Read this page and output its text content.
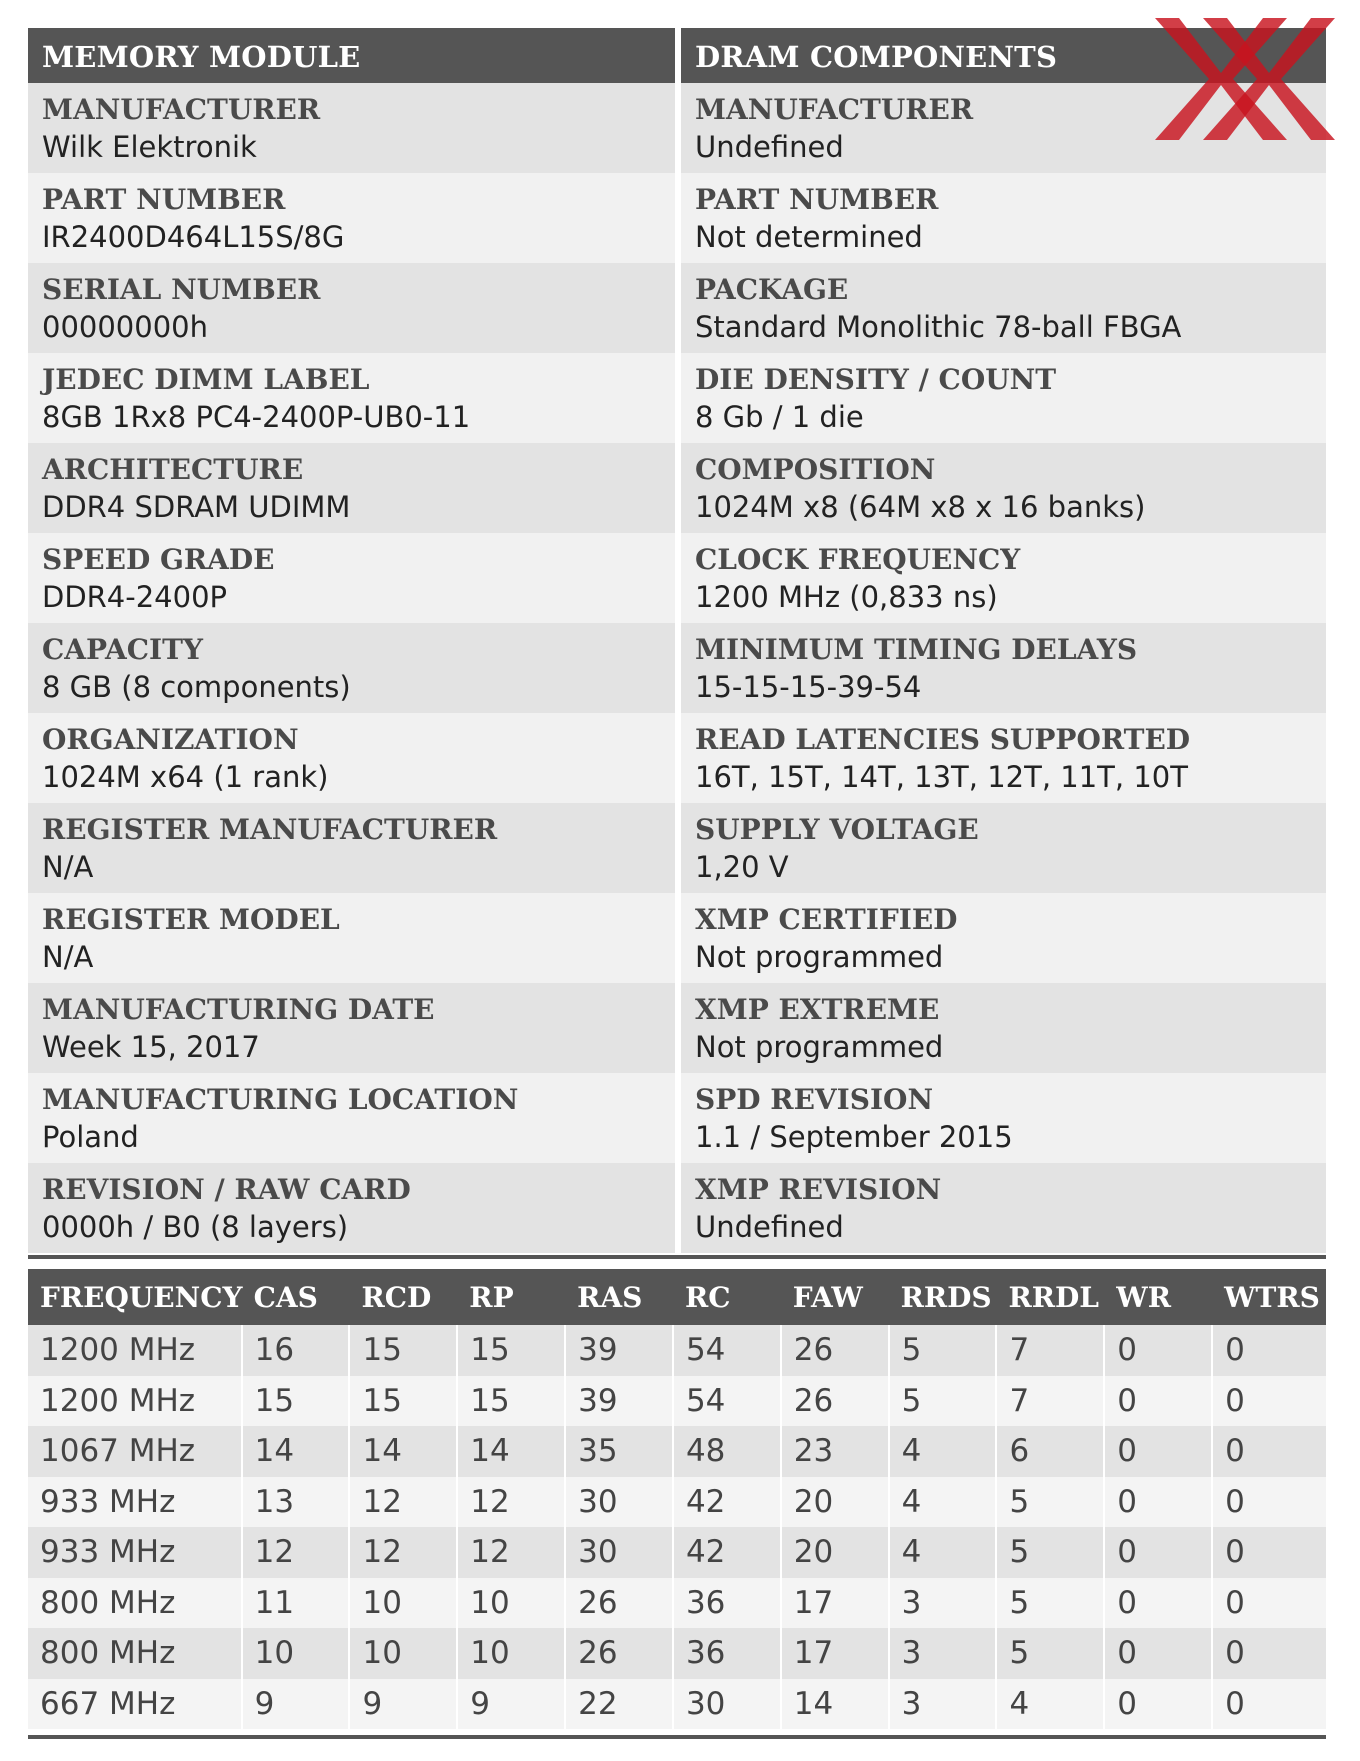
MEMORY MODULE
MANUFACTURER
Wilk Elektronik
PART NUMBER
IR2400D464L15S/8G
SERIAL NUMBER
00000000h
JEDEC DIMM LABEL
8GB 1Rx8 PC4-2400P-UB0-11
ARCHITECTURE
DDR4 SDRAM UDIMM
SPEED GRADE
DDR4-2400P
CAPACITY
8 GB (8 components)
ORGANIZATION
1024M x64 (1 rank)
REGISTER MANUFACTURER
N/A
REGISTER MODEL
N/A
MANUFACTURING DATE
Week 15, 2017
MANUFACTURING LOCATION
Poland
REVISION / RAW CARD
0000h / B0 (8 layers)
DRAM COMPONENTS
MANUFACTURER
Undefined
PART NUMBER
Not determined
PACKAGE
Standard Monolithic 78-ball FBGA
DIE DENSITY / COUNT
8 Gb / 1 die
COMPOSITION
1024M x8 (64M x8 x 16 banks)
CLOCK FREQUENCY
1200 MHz (0,833 ns)
MINIMUM TIMING DELAYS
15-15-15-39-54
READ LATENCIES SUPPORTED
16T, 15T, 14T, 13T, 12T, 11T, 10T
SUPPLY VOLTAGE
1,20 V
XMP CERTIFIED
Not programmed
XMP EXTREME
Not programmed
SPD REVISION
1.1 / September 2015
XMP REVISION
Undefined
FREQUENCY	CAS	RCD	RP	RAS	RC	FAW	RRDS	RRDL	WR	WTRS
1200 MHz	16	15	15	39	54	26	5	7	0	0
1200 MHz	15	15	15	39	54	26	5	7	0	0
1067 MHz	14	14	14	35	48	23	4	6	0	0
933 MHz	13	12	12	30	42	20	4	5	0	0
933 MHz	12	12	12	30	42	20	4	5	0	0
800 MHz	11	10	10	26	36	17	3	5	0	0
800 MHz	10	10	10	26	36	17	3	5	0	0
667 MHz	9	9	9	22	30	14	3	4	0	0
